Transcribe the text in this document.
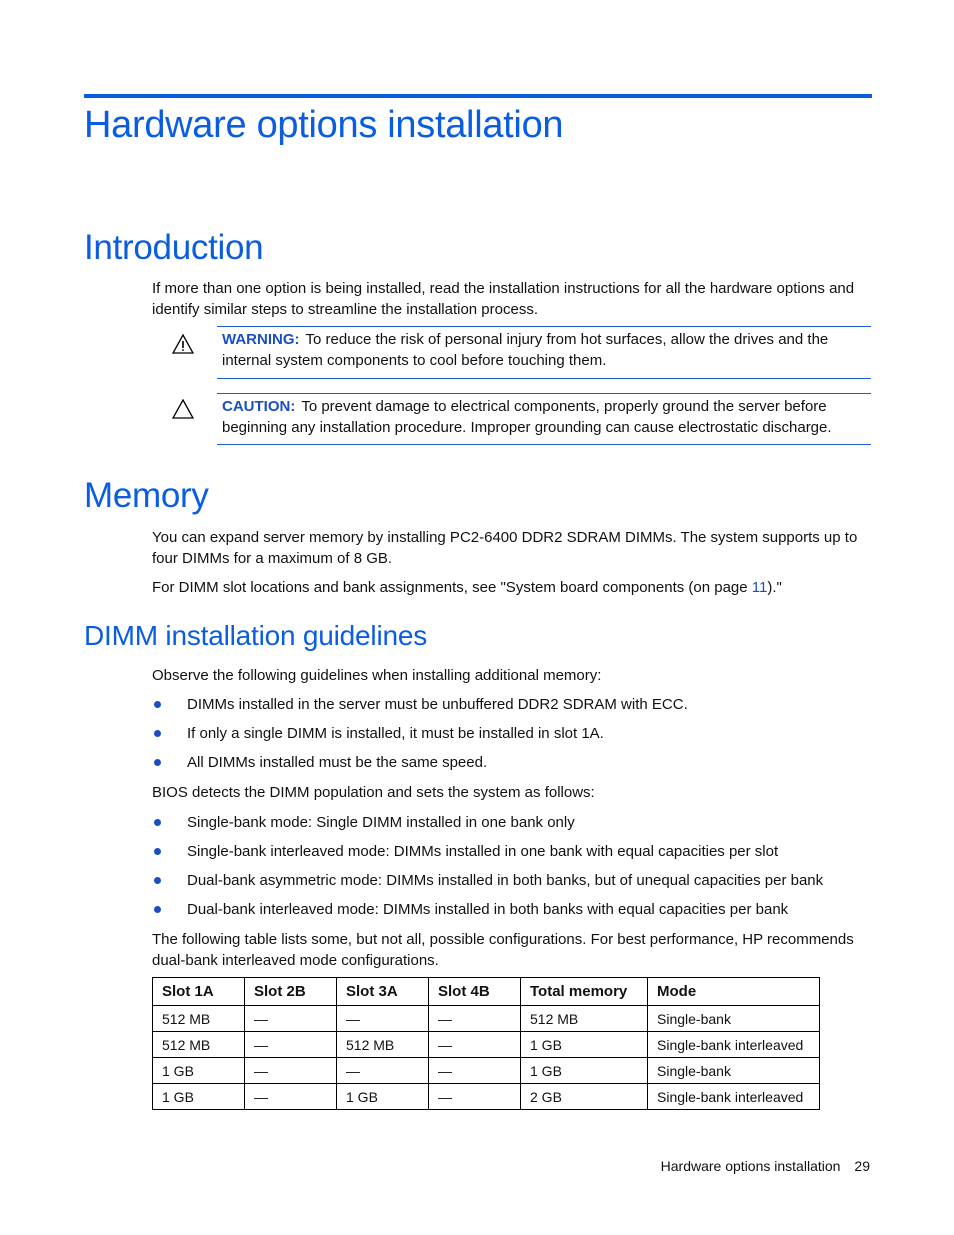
Hardware options installation
Introduction
If more than one option is being installed, read the installation instructions for all the hardware options and identify similar steps to streamline the installation process.
WARNING: To reduce the risk of personal injury from hot surfaces, allow the drives and the internal system components to cool before touching them.
CAUTION: To prevent damage to electrical components, properly ground the server before beginning any installation procedure. Improper grounding can cause electrostatic discharge.
Memory
You can expand server memory by installing PC2-6400 DDR2 SDRAM DIMMs. The system supports up to four DIMMs for a maximum of 8 GB.
For DIMM slot locations and bank assignments, see "System board components (on page 11)."
DIMM installation guidelines
Observe the following guidelines when installing additional memory:
DIMMs installed in the server must be unbuffered DDR2 SDRAM with ECC.
If only a single DIMM is installed, it must be installed in slot 1A.
All DIMMs installed must be the same speed.
BIOS detects the DIMM population and sets the system as follows:
Single-bank mode: Single DIMM installed in one bank only
Single-bank interleaved mode: DIMMs installed in one bank with equal capacities per slot
Dual-bank asymmetric mode: DIMMs installed in both banks, but of unequal capacities per bank
Dual-bank interleaved mode: DIMMs installed in both banks with equal capacities per bank
The following table lists some, but not all, possible configurations. For best performance, HP recommends dual-bank interleaved mode configurations.
Slot 1A	Slot 2B	Slot 3A	Slot 4B	Total memory	Mode
512 MB	—	—	—	512 MB	Single-bank
512 MB	—	512 MB	—	1 GB	Single-bank interleaved
1 GB	—	—	—	1 GB	Single-bank
1 GB	—	1 GB	—	2 GB	Single-bank interleaved
Hardware options installation 29
